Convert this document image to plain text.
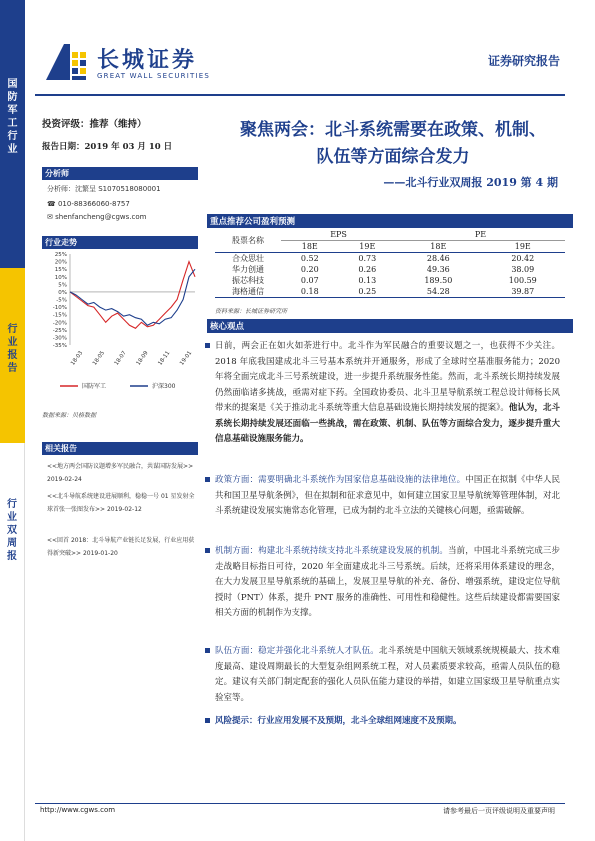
国
防
军
工
行
业
行
业
报
告
行
业
双
周
报
长城证券
GREAT WALL SECURITIES
证券研究报告
投资评级：推荐（维持）
报告日期：2019 年 03 月 10 日
分析师
分析师：沈繁呈 S1070518080001
☎ 010-88366060-8757
✉ shenfancheng@cgws.com
行业走势
25%
20%
15%
10%
5%
0%
-5%
-10%
-15%
-20%
-25%
-30%
-35%
18-03 18-05 18-07 18-09 18-11 19-01
国防军工	沪深300
数据来源：贝格数据
相关报告
<<地方两会国防议题增多军民融合，共谋国防发展>> 2019-02-24
<<北斗导航系统建设进展顺利，稳稳一号 01 星发射全球首张一张图发布>> 2019-02-12
<<回首 2018：北斗导航产业链长足发展，行业应用获得新突破>> 2019-01-20
聚焦两会：北斗系统需要在政策、机制、
队伍等方面综合发力
——北斗行业双周报 2019 第 4 期
重点推荐公司盈利预测
股票名称	EPS		PE	
	18E	19E	18E	19E
合众思壮	0.52	0.73	28.46	20.42
华力创通	0.20	0.26	49.36	38.09
振芯科技	0.07	0.13	189.50	100.59
海格通信	0.18	0.25	54.28	39.87
资料来源：长城证券研究所
核心观点
日前，两会正在如火如荼进行中。北斗作为军民融合的重要议题之一，也获得不少关注。2018 年底我国建成北斗三号基本系统并开通服务，形成了全球时空基准服务能力；2020 年将全面完成北斗三号系统建设，进一步提升系统服务性能。然而，北斗系统长期持续发展仍然面临诸多挑战，亟需对症下药。全国政协委员、北斗卫星导航系统工程总设计师杨长风带来的提案是《关于推动北斗系统等重大信息基础设施长期持续发展的提案》。他认为，北斗系统长期持续发展还面临一些挑战，需在政策、机制、队伍等方面综合发力，逐步提升重大信息基础设施服务能力。
政策方面：需要明确北斗系统作为国家信息基础设施的法律地位。中国正在拟制《中华人民共和国卫星导航条例》，但在拟制和征求意见中，如何建立国家卫星导航统筹管理体制，对北斗系统建设发展实施常态化管理，已成为制约北斗立法的关键核心问题，亟需破解。
机制方面：构建北斗系统持续支持北斗系统建设发展的机制。当前，中国北斗系统完成三步走战略目标指日可待，2020 年全面建成北斗三号系统。后续，还将采用体系建设的理念，在大力发展卫星导航系统的基础上，发展卫星导航的补充、备份、增强系统，建设定位导航授时（PNT）体系，提升 PNT 服务的准确性、可用性和稳健性。这些后续建设都需要国家相关方面的机制作为支撑。
队伍方面：稳定并强化北斗系统人才队伍。北斗系统是中国航天领域系统规模最大、技术难度最高、建设周期最长的大型复杂组网系统工程，对人员素质要求较高，亟需人员队伍的稳定。建议有关部门制定配套的强化人员队伍能力建设的举措，如建立国家级卫星导航重点实验室等。
风险提示：行业应用发展不及预期，北斗全球组网速度不及预期。
http://www.cgws.com	请参考最后一页评级说明及重要声明
